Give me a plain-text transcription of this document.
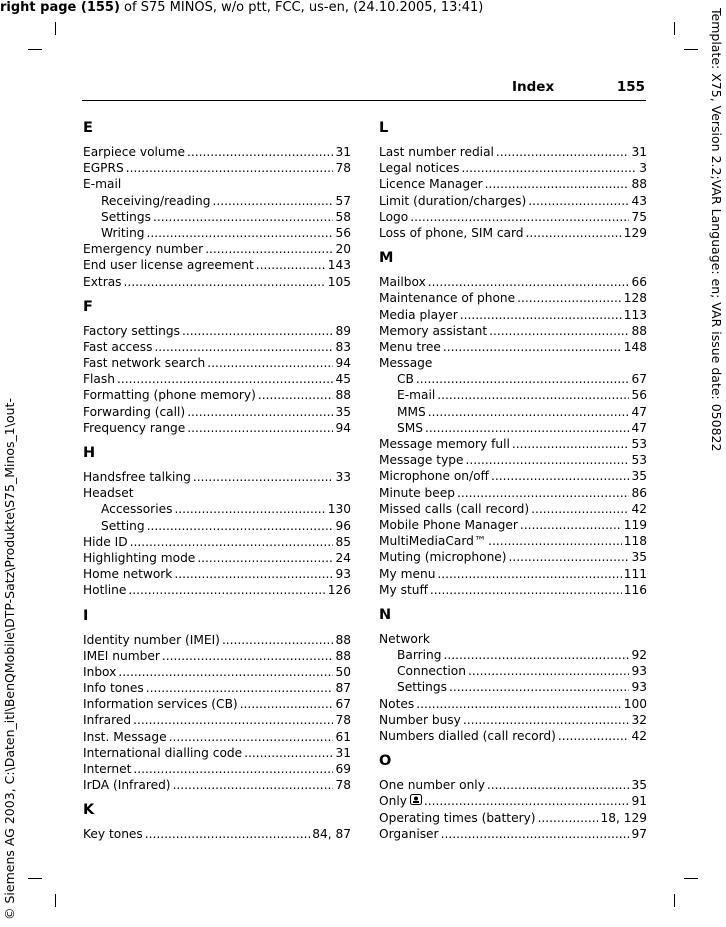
right page (155) of S75 MINOS, w/o ptt, FCC, us-en, (24.10.2005, 13:41)
© Siemens AG 2003, C:\Daten_itl\BenQMobile\DTP-Satz\Produkte\S75_Minos_1\out-
Template: X75, Version 2.2;VAR Language: en; VAR issue date: 050822
Index	155
E
Earpiece volume .....	31
EGPRS .....	78
E-mail
Receiving/reading .....	57
Settings .....	58
Writing .....	56
Emergency number .....	20
End user license agreement .....	143
Extras .....	105
F
Factory settings .....	89
Fast access .....	83
Fast network search .....	94
Flash .....	45
Formatting (phone memory) .....	88
Forwarding (call) .....	35
Frequency range .....	94
H
Handsfree talking .....	33
Headset
Accessories .....	130
Setting .....	96
Hide ID .....	85
Highlighting mode .....	24
Home network .....	93
Hotline .....	126
I
Identity number (IMEI) .....	88
IMEI number .....	88
Inbox .....	50
Info tones .....	87
Information services (CB) .....	67
Infrared .....	78
Inst. Message .....	61
International dialling code .....	31
Internet .....	69
IrDA (Infrared) .....	78
K
Key tones .....	84, 87
L
Last number redial .....	31
Legal notices .....	3
Licence Manager .....	88
Limit (duration/charges) .....	43
Logo .....	75
Loss of phone, SIM card .....	129
M
Mailbox .....	66
Maintenance of phone .....	128
Media player .....	113
Memory assistant .....	88
Menu tree .....	148
Message
CB .....	67
E-mail .....	56
MMS .....	47
SMS .....	47
Message memory full .....	53
Message type .....	53
Microphone on/off .....	35
Minute beep .....	86
Missed calls (call record) .....	42
Mobile Phone Manager .....	119
MultiMediaCard™ .....	118
Muting (microphone) .....	35
My menu .....	111
My stuff .....	116
N
Network
Barring .....	92
Connection .....	93
Settings .....	93
Notes .....	100
Number busy .....	32
Numbers dialled (call record) .....	42
O
One number only .....	35
Only .....	91
Operating times (battery) .....	18, 129
Organiser .....	97
